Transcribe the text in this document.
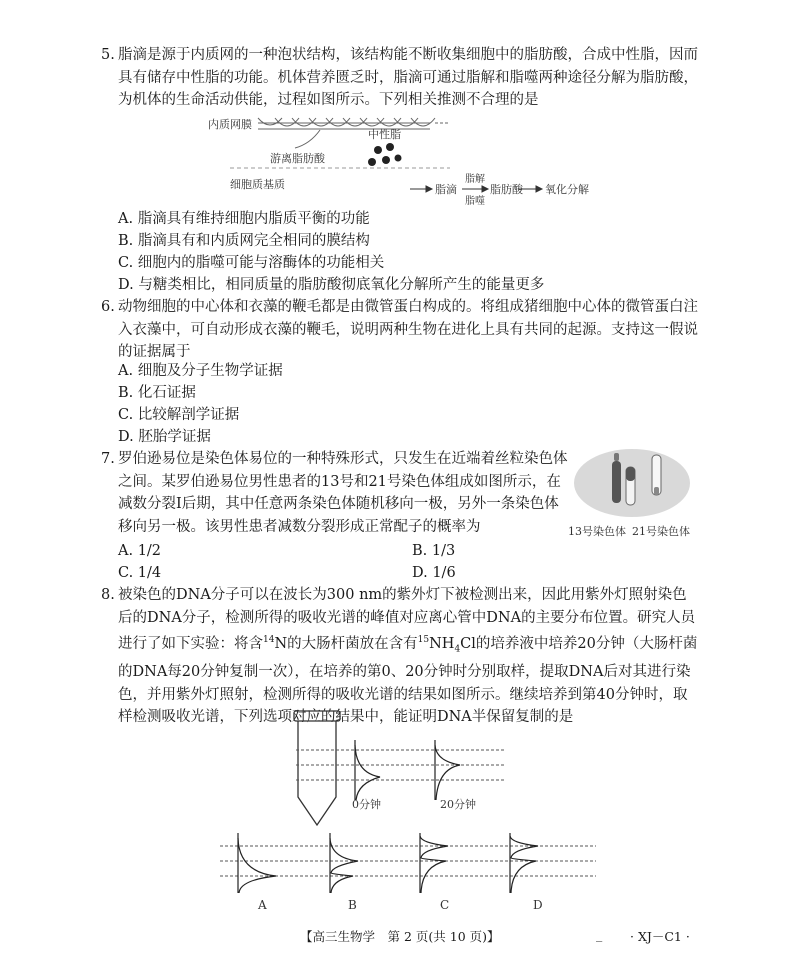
5. 脂滴是源于内质网的一种泡状结构，该结构能不断收集细胞中的脂肪酸，合成中性脂，因而具有储存中性脂的功能。机体营养匮乏时，脂滴可通过脂解和脂噬两种途径分解为脂肪酸，为机体的生命活动供能，过程如图所示。下列相关推测不合理的是

内质网膜
中性脂
游离脂肪酸
细胞质基质	脂滴
脂解
脂噬
脂肪酸 氧化分解
A. 脂滴具有维持细胞内脂质平衡的功能
B. 脂滴具有和内质网完全相同的膜结构
C. 细胞内的脂噬可能与溶酶体的功能相关
D. 与糖类相比，相同质量的脂肪酸彻底氧化分解所产生的能量更多
6. 动物细胞的中心体和衣藻的鞭毛都是由微管蛋白构成的。将组成猪细胞中心体的微管蛋白注入衣藻中，可自动形成衣藻的鞭毛，说明两种生物在进化上具有共同的起源。支持这一假说的证据属于

A. 细胞及分子生物学证据
B. 化石证据
C. 比较解剖学证据
D. 胚胎学证据
7. 罗伯逊易位是染色体易位的一种特殊形式，只发生在近端着丝粒染色体之间。某罗伯逊易位男性患者的13号和21号染色体组成如图所示，在减数分裂Ⅰ后期，其中任意两条染色体随机移向一极，另外一条染色体移向另一极。该男性患者减数分裂形成正常配子的概率为	13号染色体 21号染色体
A. 1/2	B. 1/3
C. 1/4	D. 1/6
8. 被染色的DNA分子可以在波长为300 nm的紫外灯下被检测出来，因此用紫外灯照射染色后的DNA分子，检测所得的吸收光谱的峰值对应离心管中DNA的主要分布位置。研究人员进行了如下实验：将含$^{14}$N的大肠杆菌放在含有$^{15}NH_4Cl$的培养液中培养20分钟（大肠杆菌的DNA每20分钟复制一次），在培养的第0、20分钟时分别取样，提取DNA后对其进行染色，并用紫外灯照射，检测所得的吸收光谱的结果如图所示。继续培养到第40分钟时，取样检测吸收光谱，下列选项对应的结果中，能证明DNA半保留复制的是

0分钟	20分钟
A	B	C	D
【高三生物学　第 2 页(共 10 页)】	_ · XJ－C1 ·
